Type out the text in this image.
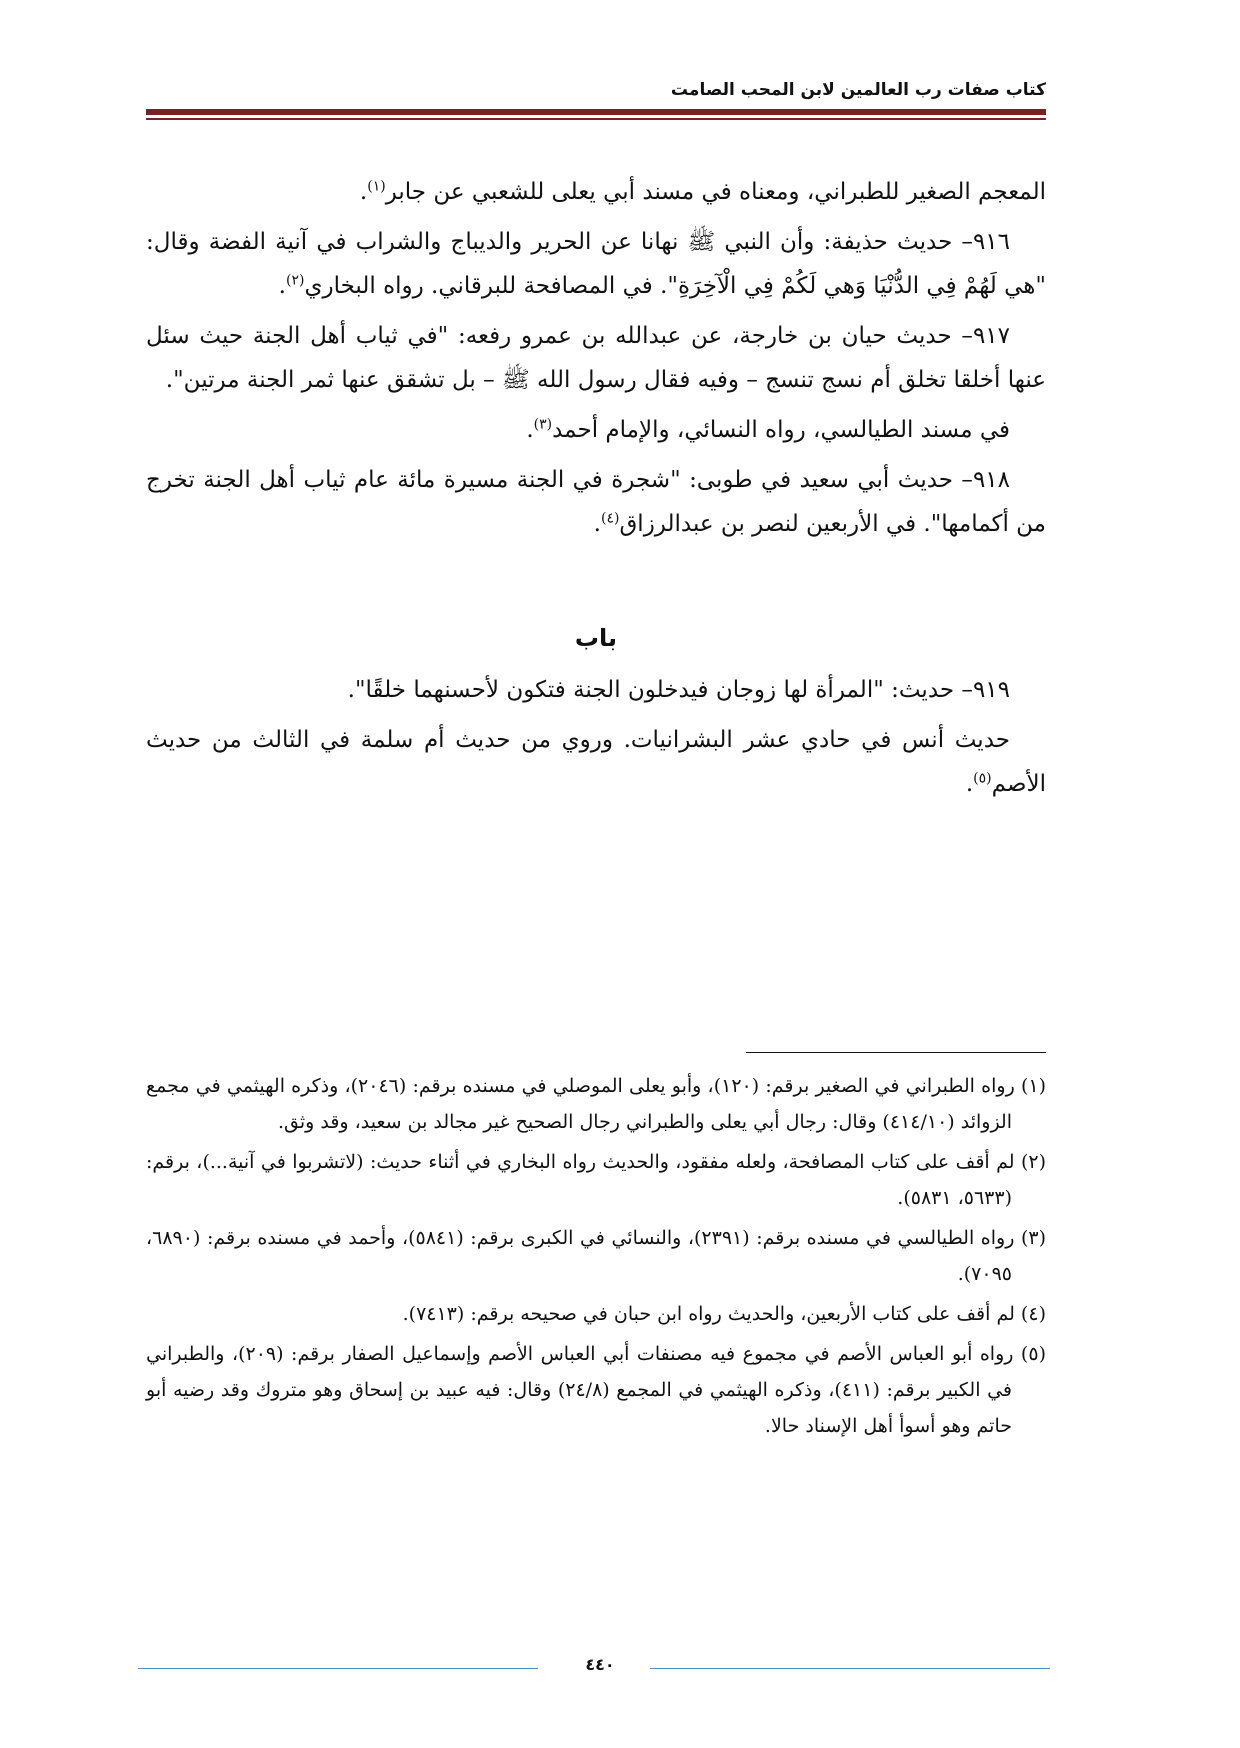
كتاب صفات رب العالمين لابن المحب الصامت

المعجم الصغير للطبراني، ومعناه في مسند أبي يعلى للشعبي عن جابر$^{(١)}$.

٩١٦– حديث حذيفة: وأن النبي ﷺ نهانا عن الحرير والديباج والشراب في آنية الفضة وقال: "هي لَهُمْ فِي الدُّنْيَا وَهي لَكُمْ فِي الْآخِرَةِ". في المصافحة للبرقاني. رواه البخاري$^{(٢)}$.

٩١٧– حديث حيان بن خارجة، عن عبدالله بن عمرو رفعه: "في ثياب أهل الجنة حيث سئل عنها أخلقا تخلق أم نسج تنسج – وفيه فقال رسول الله ﷺ – بل تشقق عنها ثمر الجنة مرتين".

في مسند الطيالسي، رواه النسائي، والإمام أحمد$^{(٣)}$.

٩١٨– حديث أبي سعيد في طوبى: "شجرة في الجنة مسيرة مائة عام ثياب أهل الجنة تخرج من أكمامها". في الأربعين لنصر بن عبدالرزاق$^{(٤)}$.

باب

٩١٩– حديث: "المرأة لها زوجان فيدخلون الجنة فتكون لأحسنهما خلقًا".

حديث أنس في حادي عشر البشرانيات. وروي من حديث أم سلمة في الثالث من حديث الأصم$^{(٥)}$.

(١) رواه الطبراني في الصغير برقم: (١٢٠)، وأبو يعلى الموصلي في مسنده برقم: (٢٠٤٦)، وذكره الهيثمي في مجمع الزوائد (٤١٤/١٠) وقال: رجال أبي يعلى والطبراني رجال الصحيح غير مجالد بن سعيد، وقد وثق.

(٢) لم أقف على كتاب المصافحة، ولعله مفقود، والحديث رواه البخاري في أثناء حديث: (لاتشربوا في آنية...)، برقم: (٥٦٣٣، ٥٨٣١).

(٣) رواه الطيالسي في مسنده برقم: (٢٣٩١)، والنسائي في الكبرى برقم: (٥٨٤١)، وأحمد في مسنده برقم: (٦٨٩٠، ٧٠٩٥).

(٤) لم أقف على كتاب الأربعين، والحديث رواه ابن حبان في صحيحه برقم: (٧٤١٣).

(٥) رواه أبو العباس الأصم في مجموع فيه مصنفات أبي العباس الأصم وإسماعيل الصفار برقم: (٢٠٩)، والطبراني في الكبير برقم: (٤١١)، وذكره الهيثمي في المجمع (٢٤/٨) وقال: فيه عبيد بن إسحاق وهو متروك وقد رضيه أبو حاتم وهو أسوأ أهل الإسناد حالا.

٤٤٠
